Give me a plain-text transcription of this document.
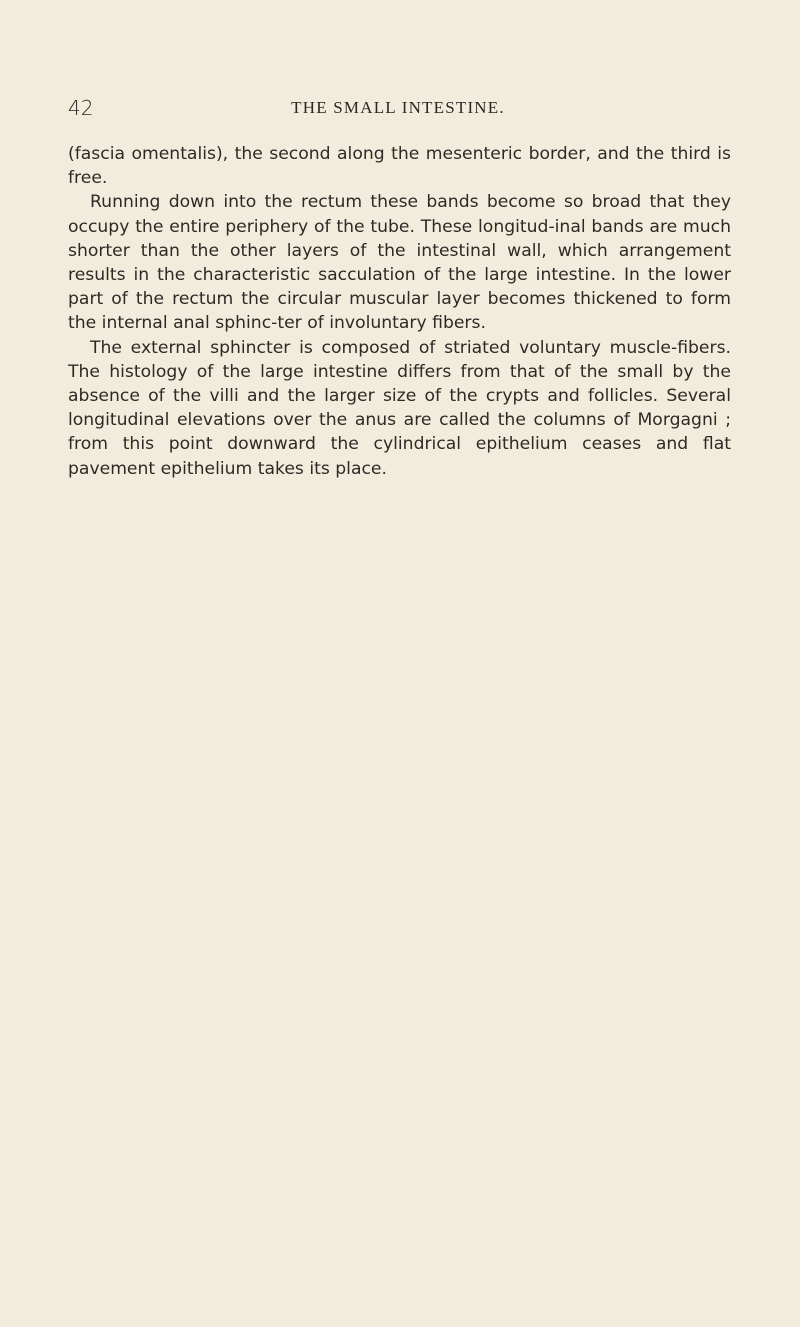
42	THE SMALL INTESTINE.

(fascia omentalis), the second along the mesenteric border, and the third is free.

Running down into the rectum these bands become so broad that they occupy the entire periphery of the tube. These longitud-inal bands are much shorter than the other layers of the intestinal wall, which arrangement results in the characteristic sacculation of the large intestine. In the lower part of the rectum the circular muscular layer becomes thickened to form the internal anal sphinc-ter of involuntary fibers.

The external sphincter is composed of striated voluntary muscle-fibers. The histology of the large intestine differs from that of the small by the absence of the villi and the larger size of the crypts and follicles. Several longitudinal elevations over the anus are called the columns of Morgagni ; from this point downward the cylindrical epithelium ceases and flat pavement epithelium takes its place.
